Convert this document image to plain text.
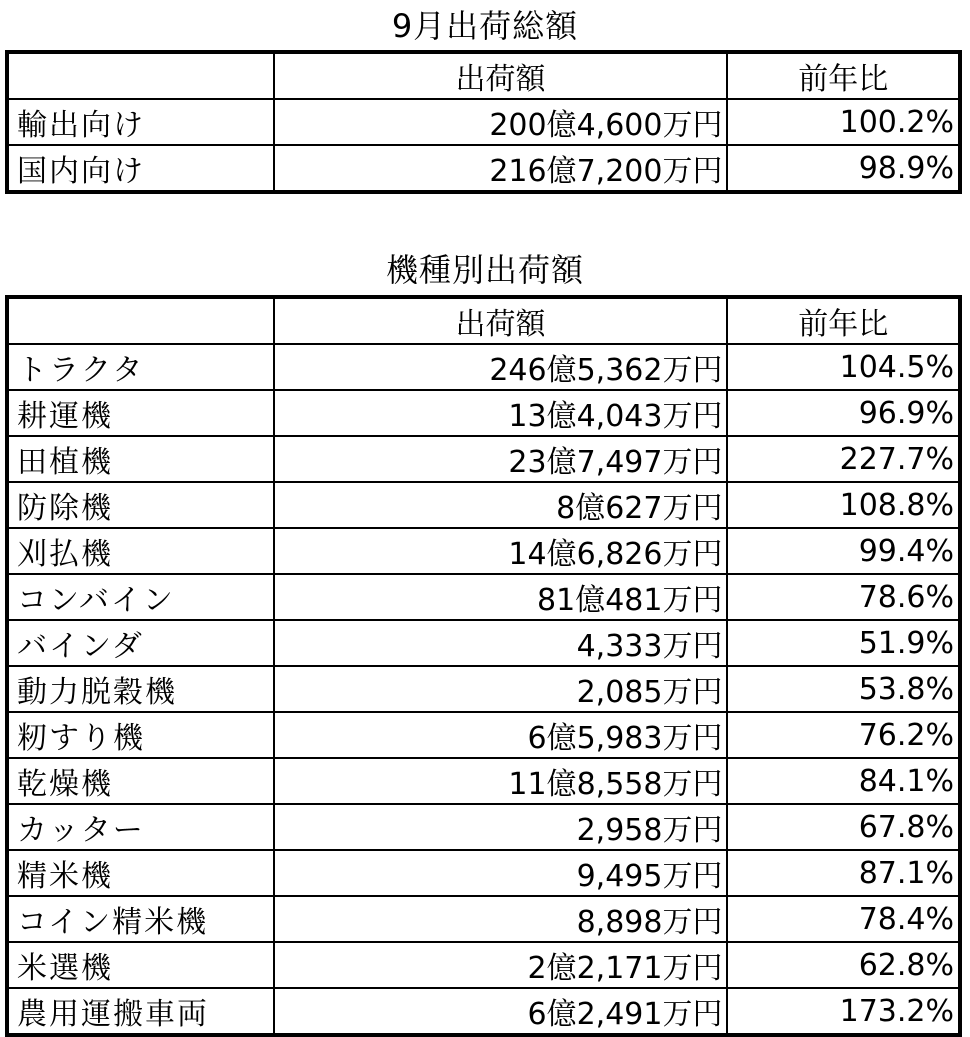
9月出荷総額
	出荷額	前年比
輸出向け	200億4,600万円	100.2%
国内向け	216億7,200万円	98.9%
機種別出荷額
	出荷額	前年比
トラクタ	246億5,362万円	104.5%
耕運機	13億4,043万円	96.9%
田植機	23億7,497万円	227.7%
防除機	8億627万円	108.8%
刈払機	14億6,826万円	99.4%
コンバイン	81億481万円	78.6%
バインダ	4,333万円	51.9%
動力脱穀機	2,085万円	53.8%
籾すり機	6億5,983万円	76.2%
乾燥機	11億8,558万円	84.1%
カッター	2,958万円	67.8%
精米機	9,495万円	87.1%
コイン精米機	8,898万円	78.4%
米選機	2億2,171万円	62.8%
農用運搬車両	6億2,491万円	173.2%
